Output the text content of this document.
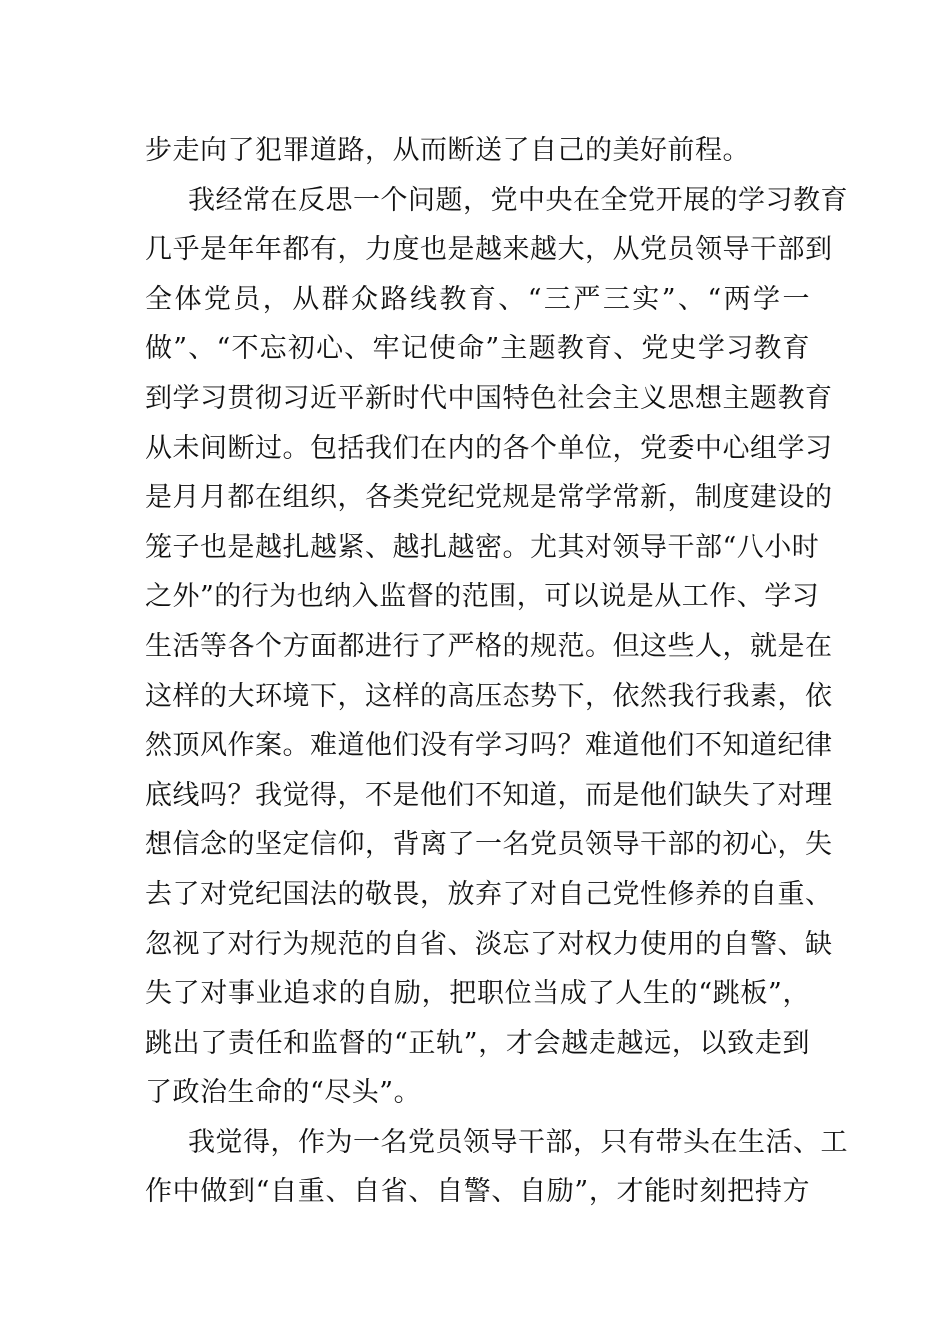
步走向了犯罪道路，从而断送了自己的美好前程。
我经常在反思一个问题，党中央在全党开展的学习教育
几乎是年年都有，力度也是越来越大，从党员领导干部到
全体党员，从群众路线教育、“三严三实”、“两学一
做”、“不忘初心、牢记使命”主题教育、党史学习教育
到学习贯彻习近平新时代中国特色社会主义思想主题教育
从未间断过。包括我们在内的各个单位，党委中心组学习
是月月都在组织，各类党纪党规是常学常新，制度建设的
笼子也是越扎越紧、越扎越密。尤其对领导干部“八小时
之外”的行为也纳入监督的范围，可以说是从工作、学习
生活等各个方面都进行了严格的规范。但这些人，就是在
这样的大环境下，这样的高压态势下，依然我行我素，依
然顶风作案。难道他们没有学习吗？难道他们不知道纪律
底线吗？我觉得，不是他们不知道，而是他们缺失了对理
想信念的坚定信仰，背离了一名党员领导干部的初心，失
去了对党纪国法的敬畏，放弃了对自己党性修养的自重、
忽视了对行为规范的自省、淡忘了对权力使用的自警、缺
失了对事业追求的自励，把职位当成了人生的“跳板”，
跳出了责任和监督的“正轨”，才会越走越远，以致走到
了政治生命的“尽头”。
我觉得，作为一名党员领导干部，只有带头在生活、工
作中做到“自重、自省、自警、自励”，才能时刻把持方
